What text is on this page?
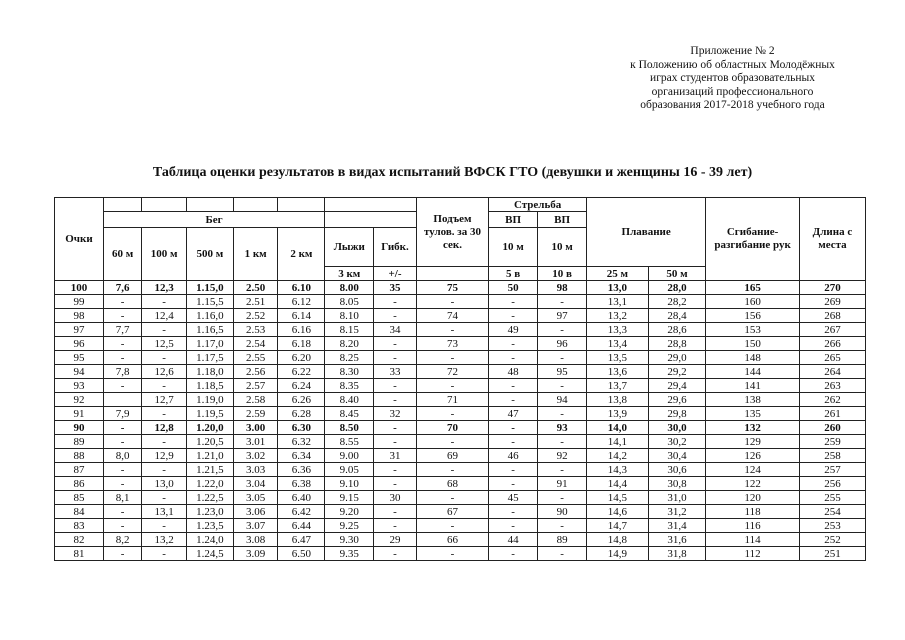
Приложение № 2
к Положению об областных Молодёжных
играх студентов образовательных
организаций профессионального
образования 2017-2018 учебного года
Таблица оценки результатов в видах испытаний ВФСК ГТО (девушки и женщины 16 - 39 лет)
Очки								Подъем тулов. за 30 сек.	Стрельба		Плавание		Сгибание-разгибание рук	Длина с места
	Бег								ВП	ВП				
	60 м	100 м	500 м	1 км	2 км	Лыжи	Гибк.		10 м	10 м				
						3 км	+/-		5 в	10 в	25 м	50 м		
100	7,6	12,3	1.15,0	2.50	6.10	8.00	35	75	50	98	13,0	28,0	165	270
99	-	-	1.15,5	2.51	6.12	8.05	-	-	-	-	13,1	28,2	160	269
98	-	12,4	1.16,0	2.52	6.14	8.10	-	74	-	97	13,2	28,4	156	268
97	7,7	-	1.16,5	2.53	6.16	8.15	34	-	49	-	13,3	28,6	153	267
96	-	12,5	1.17,0	2.54	6.18	8.20	-	73	-	96	13,4	28,8	150	266
95	-	-	1.17,5	2.55	6.20	8.25	-	-	-	-	13,5	29,0	148	265
94	7,8	12,6	1.18,0	2.56	6.22	8.30	33	72	48	95	13,6	29,2	144	264
93	-	-	1.18,5	2.57	6.24	8.35	-	-	-	-	13,7	29,4	141	263
92		12,7	1.19,0	2.58	6.26	8.40	-	71	-	94	13,8	29,6	138	262
91	7,9	-	1.19,5	2.59	6.28	8.45	32	-	47	-	13,9	29,8	135	261
90	-	12,8	1.20,0	3.00	6.30	8.50	-	70	-	93	14,0	30,0	132	260
89	-	-	1.20,5	3.01	6.32	8.55	-	-	-	-	14,1	30,2	129	259
88	8,0	12,9	1.21,0	3.02	6.34	9.00	31	69	46	92	14,2	30,4	126	258
87	-	-	1.21,5	3.03	6.36	9.05	-	-	-	-	14,3	30,6	124	257
86	-	13,0	1.22,0	3.04	6.38	9.10	-	68	-	91	14,4	30,8	122	256
85	8,1	-	1.22,5	3.05	6.40	9.15	30	-	45	-	14,5	31,0	120	255
84	-	13,1	1.23,0	3.06	6.42	9.20	-	67	-	90	14,6	31,2	118	254
83	-	-	1.23,5	3.07	6.44	9.25	-	-	-	-	14,7	31,4	116	253
82	8,2	13,2	1.24,0	3.08	6.47	9.30	29	66	44	89	14,8	31,6	114	252
81	-	-	1.24,5	3.09	6.50	9.35	-	-	-	-	14,9	31,8	112	251
